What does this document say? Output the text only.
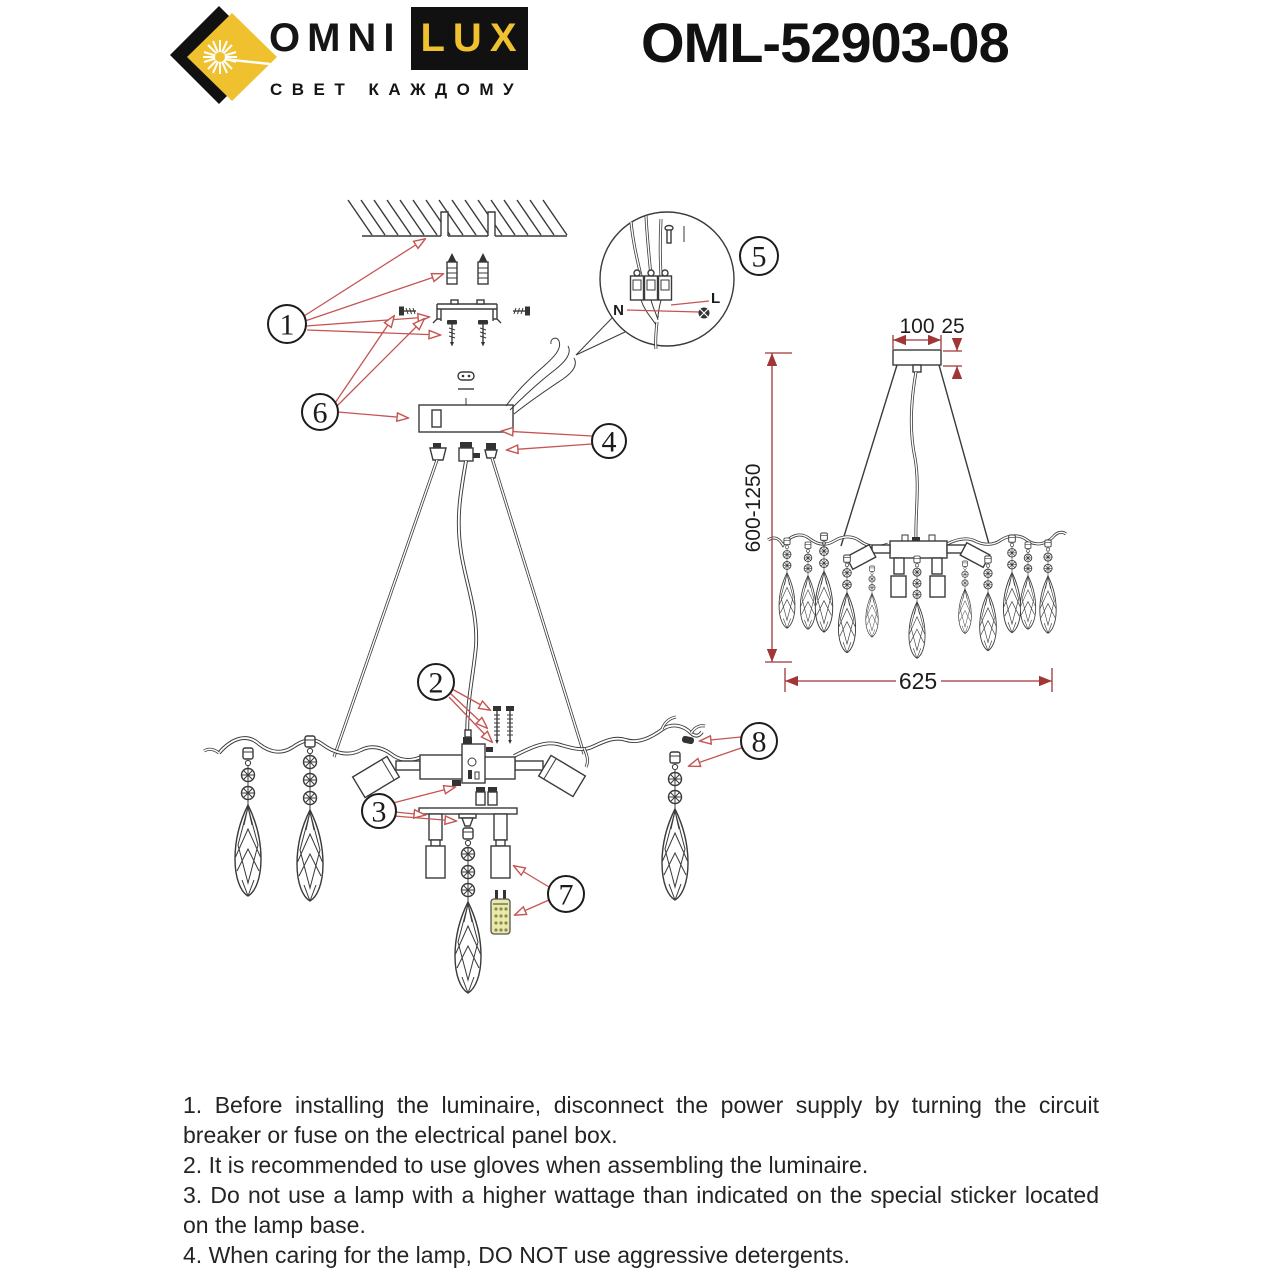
OMNI LUX
СВЕТ КАЖДОМУ
OML-52903-08
N
L
1
6
5
4
2
3
7
8
100 25
600-1250
625

1. Before installing the luminaire, disconnect the power supply by turning the circuit breaker or fuse on the electrical panel box.

2. It is recommended to use gloves when assembling the luminaire.

3. Do not use a lamp with a higher wattage than indicated on the special sticker located on the lamp base.

4. When caring for the lamp, DO NOT use aggressive detergents.
